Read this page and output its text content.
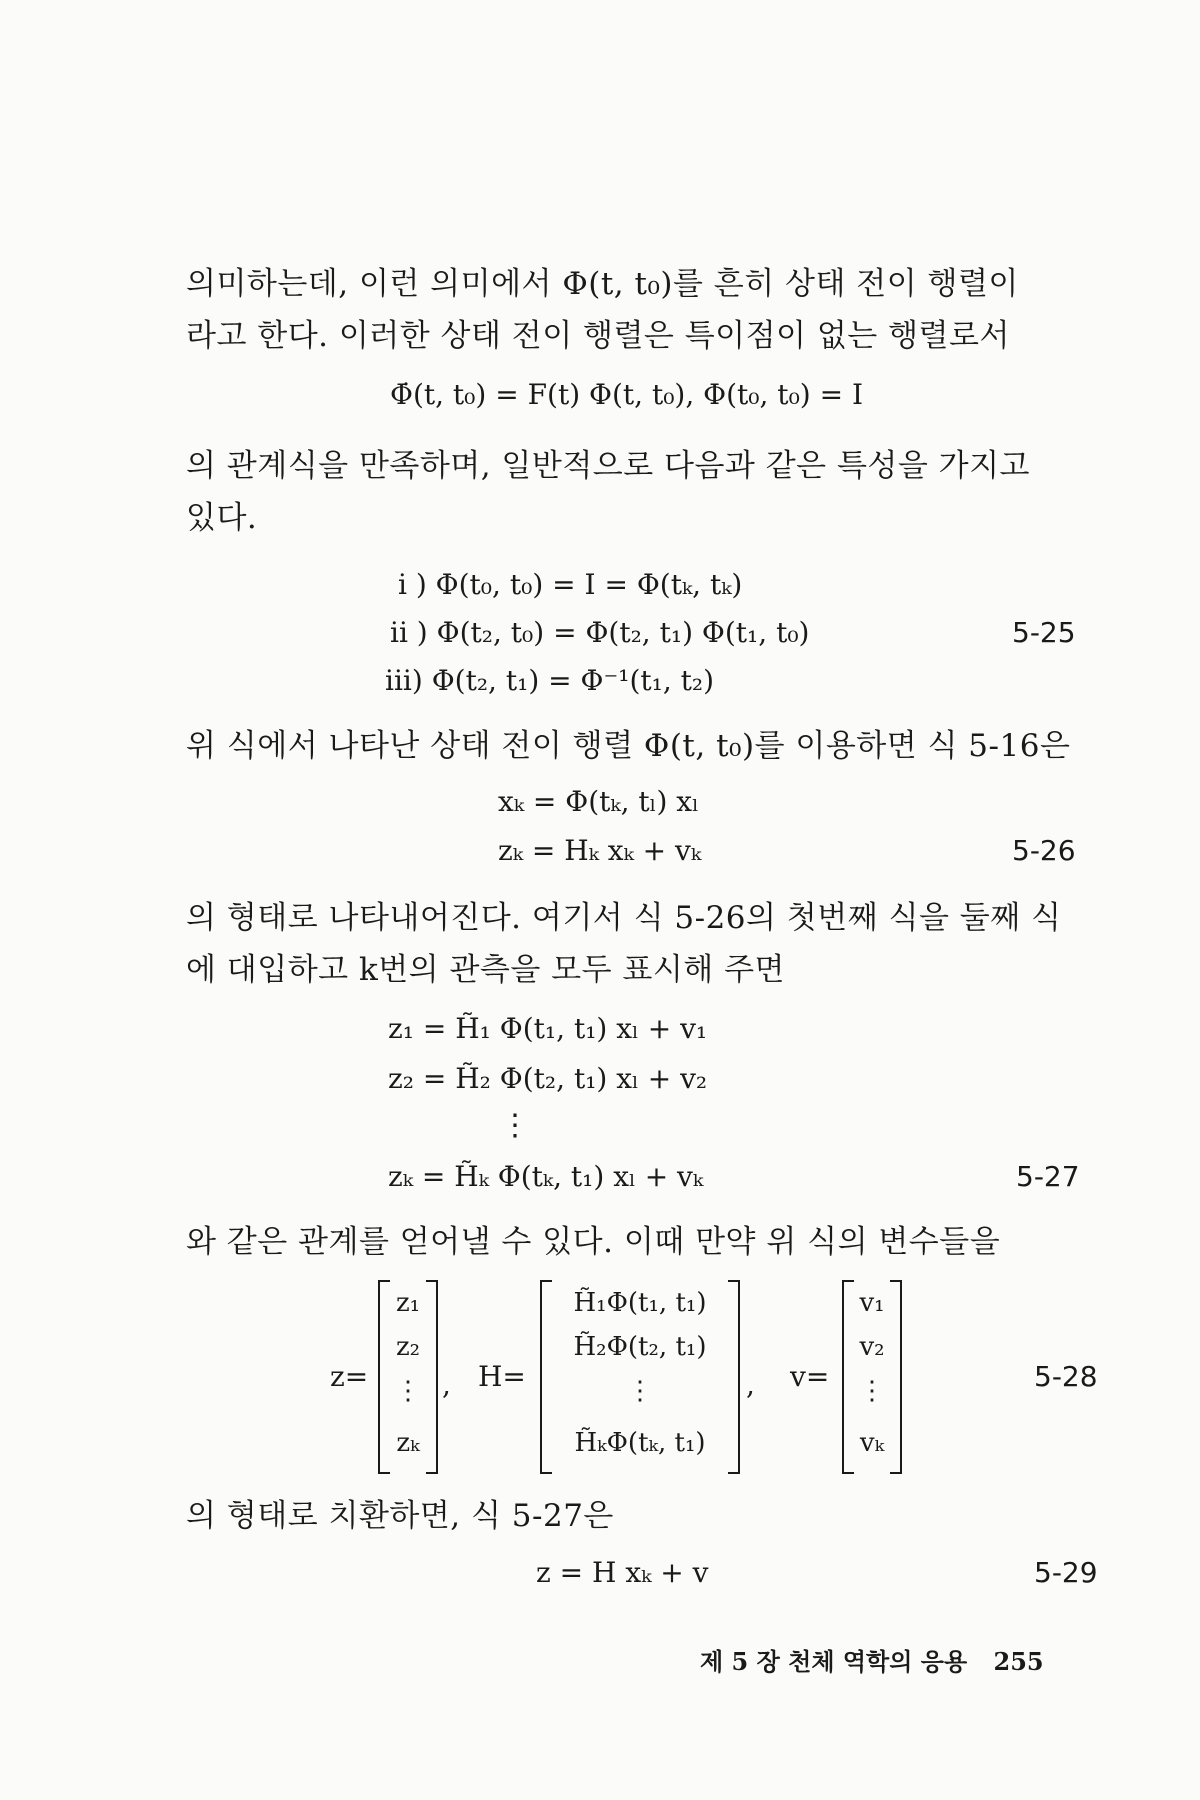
의미하는데, 이런 의미에서 Φ(t, t₀)를 흔히 상태 전이 행렬이
라고 한다. 이러한 상태 전이 행렬은 특이점이 없는 행렬로서
Φ̇(t, t₀) = F(t) Φ(t, t₀), Φ(t₀, t₀) = I
의 관계식을 만족하며, 일반적으로 다음과 같은 특성을 가지고
있다.
i ) Φ(t₀, t₀) = I = Φ(tₖ, tₖ)
ii ) Φ(t₂, t₀) = Φ(t₂, t₁) Φ(t₁, t₀)	5-25
iii) Φ(t₂, t₁) = Φ⁻¹(t₁, t₂)
위 식에서 나타난 상태 전이 행렬 Φ(t, t₀)를 이용하면 식 5-16은
xₖ = Φ(tₖ, tₗ) xₗ
zₖ = Hₖ xₖ + vₖ	5-26
의 형태로 나타내어진다. 여기서 식 5-26의 첫번째 식을 둘째 식
에 대입하고 k번의 관측을 모두 표시해 주면
z₁ = H̃₁ Φ(t₁, t₁) xₗ + v₁
z₂ = H̃₂ Φ(t₂, t₁) xₗ + v₂
⋮
zₖ = H̃ₖ Φ(tₖ, t₁) xₗ + vₖ	5-27
와 같은 관계를 얻어낼 수 있다. 이때 만약 위 식의 변수들을
z=
z₁
z₂
⋮
zₖ
, H=
H̃₁Φ(t₁, t₁)
H̃₂Φ(t₂, t₁)
⋮
H̃ₖΦ(tₖ, t₁)
, v=
v₁
v₂
⋮
vₖ
5-28
의 형태로 치환하면, 식 5-27은
z = H xₖ + v	5-29
제 5 장 천체 역학의 응용 255
